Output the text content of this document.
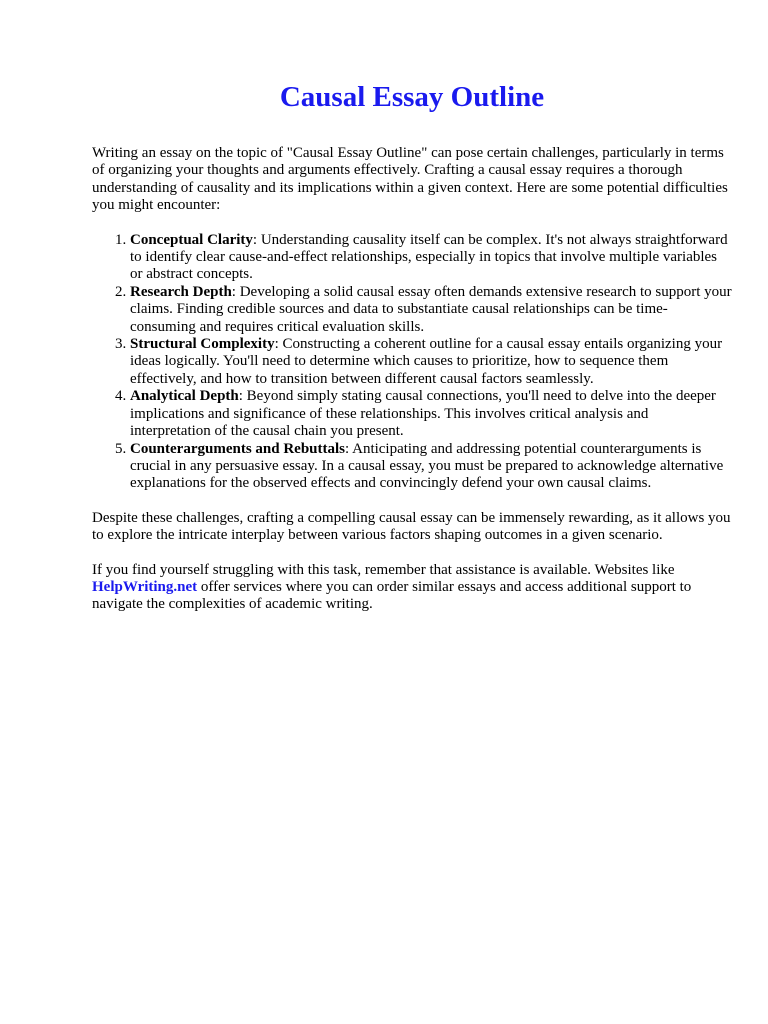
Causal Essay Outline

Writing an essay on the topic of "Causal Essay Outline" can pose certain challenges, particularly in terms of organizing your thoughts and arguments effectively. Crafting a causal essay requires a thorough understanding of causality and its implications within a given context. Here are some potential difficulties you might encounter:

1. Conceptual Clarity: Understanding causality itself can be complex. It's not always straightforward to identify clear cause-and-effect relationships, especially in topics that involve multiple variables or abstract concepts.
2. Research Depth: Developing a solid causal essay often demands extensive research to support your claims. Finding credible sources and data to substantiate causal relationships can be time-consuming and requires critical evaluation skills.
3. Structural Complexity: Constructing a coherent outline for a causal essay entails organizing your ideas logically. You'll need to determine which causes to prioritize, how to sequence them effectively, and how to transition between different causal factors seamlessly.
4. Analytical Depth: Beyond simply stating causal connections, you'll need to delve into the deeper implications and significance of these relationships. This involves critical analysis and interpretation of the causal chain you present.
5. Counterarguments and Rebuttals: Anticipating and addressing potential counterarguments is crucial in any persuasive essay. In a causal essay, you must be prepared to acknowledge alternative explanations for the observed effects and convincingly defend your own causal claims.

Despite these challenges, crafting a compelling causal essay can be immensely rewarding, as it allows you to explore the intricate interplay between various factors shaping outcomes in a given scenario.

If you find yourself struggling with this task, remember that assistance is available. Websites like HelpWriting.net offer services where you can order similar essays and access additional support to navigate the complexities of academic writing.
